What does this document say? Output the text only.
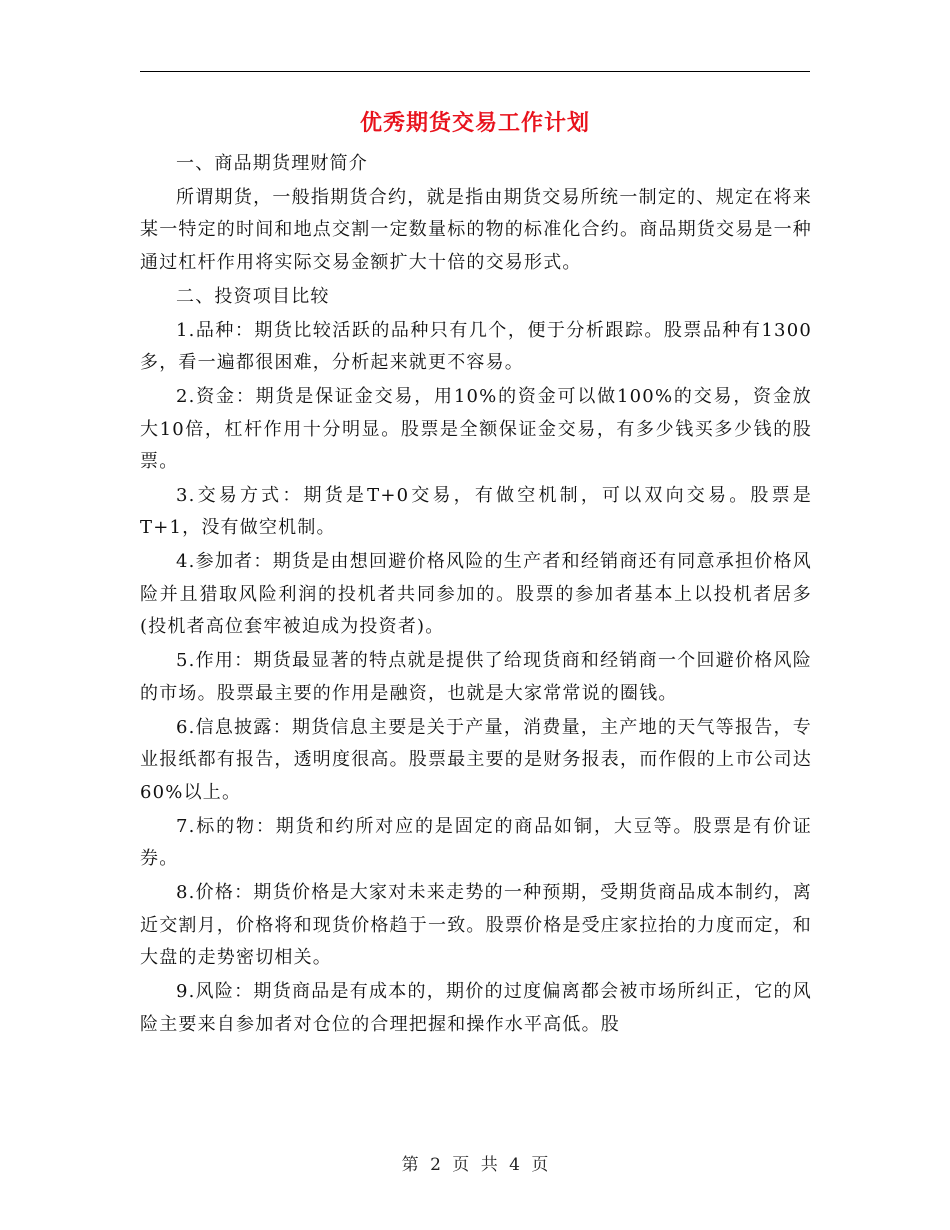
优秀期货交易工作计划

一、商品期货理财简介

所谓期货，一般指期货合约，就是指由期货交易所统一制定的、规定在将来某一特定的时间和地点交割一定数量标的物的标准化合约。商品期货交易是一种通过杠杆作用将实际交易金额扩大十倍的交易形式。

二、投资项目比较

1.品种：期货比较活跃的品种只有几个，便于分析跟踪。股票品种有1300多，看一遍都很困难，分析起来就更不容易。

2.资金：期货是保证金交易，用10%的资金可以做100%的交易，资金放大10倍，杠杆作用十分明显。股票是全额保证金交易，有多少钱买多少钱的股票。

3.交易方式：期货是T+0交易，有做空机制，可以双向交易。股票是T+1，没有做空机制。

4.参加者：期货是由想回避价格风险的生产者和经销商还有同意承担价格风险并且猎取风险利润的投机者共同参加的。股票的参加者基本上以投机者居多(投机者高位套牢被迫成为投资者)。

5.作用：期货最显著的特点就是提供了给现货商和经销商一个回避价格风险的市场。股票最主要的作用是融资，也就是大家常常说的圈钱。

6.信息披露：期货信息主要是关于产量，消费量，主产地的天气等报告，专业报纸都有报告，透明度很高。股票最主要的是财务报表，而作假的上市公司达60%以上。

7.标的物：期货和约所对应的是固定的商品如铜，大豆等。股票是有价证券。

8.价格：期货价格是大家对未来走势的一种预期，受期货商品成本制约，离近交割月，价格将和现货价格趋于一致。股票价格是受庄家拉抬的力度而定，和大盘的走势密切相关。

9.风险：期货商品是有成本的，期价的过度偏离都会被市场所纠正，它的风险主要来自参加者对仓位的合理把握和操作水平高低。股

第 2 页 共 4 页
